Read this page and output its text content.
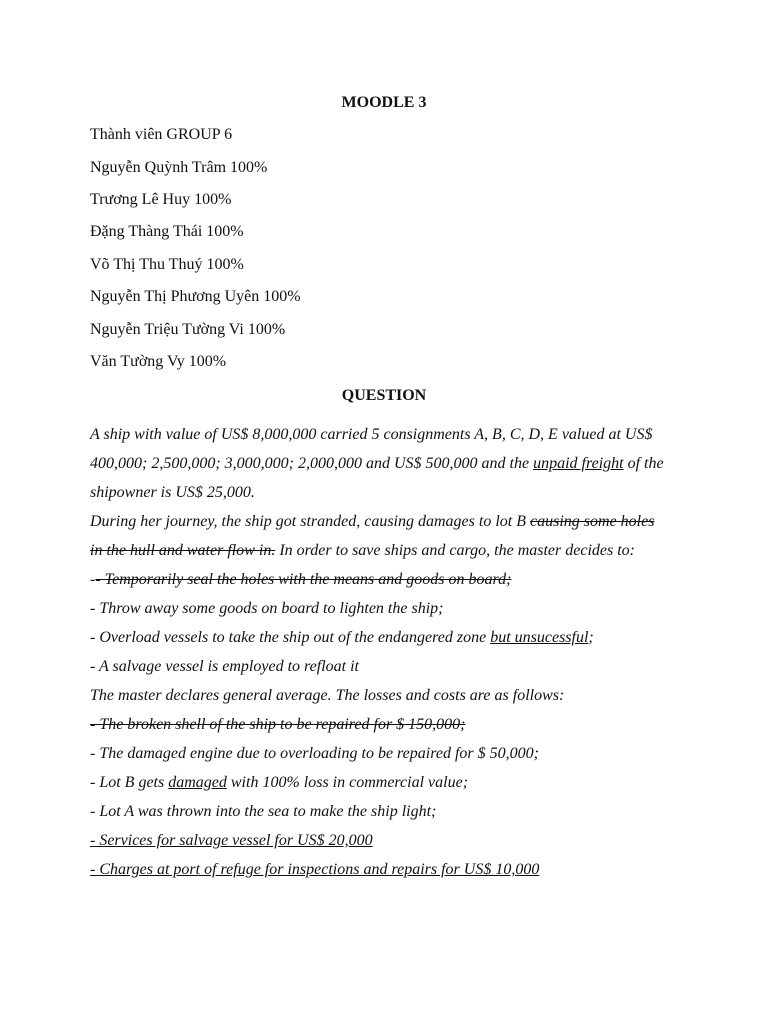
MOODLE 3
Thành viên GROUP 6
Nguyễn Quỳnh Trâm 100%
Trương Lê Huy 100%
Đặng Thàng Thái 100%
Võ Thị Thu Thuý 100%
Nguyễn Thị Phương Uyên 100%
Nguyễn Triệu Tường Vi 100%
Văn Tường Vy 100%
QUESTION
A ship with value of US$ 8,000,000 carried 5 consignments A, B, C, D, E valued at US$
400,000; 2,500,000; 3,000,000; 2,000,000 and US$ 500,000 and the unpaid freight of the
shipowner is US$ 25,000.
During her journey, the ship got stranded, causing damages to lot B causing some holes
in the hull and water flow in. In order to save ships and cargo, the master decides to:
-- Temporarily seal the holes with the means and goods on board;
- Throw away some goods on board to lighten the ship;
- Overload vessels to take the ship out of the endangered zone but unsucessful;
- A salvage vessel is employed to refloat it
The master declares general average. The losses and costs are as follows:
- The broken shell of the ship to be repaired for $ 150,000;
- The damaged engine due to overloading to be repaired for $ 50,000;
- Lot B gets damaged with 100% loss in commercial value;
- Lot A was thrown into the sea to make the ship light;
- Services for salvage vessel for US$ 20,000
- Charges at port of refuge for inspections and repairs for US$ 10,000
